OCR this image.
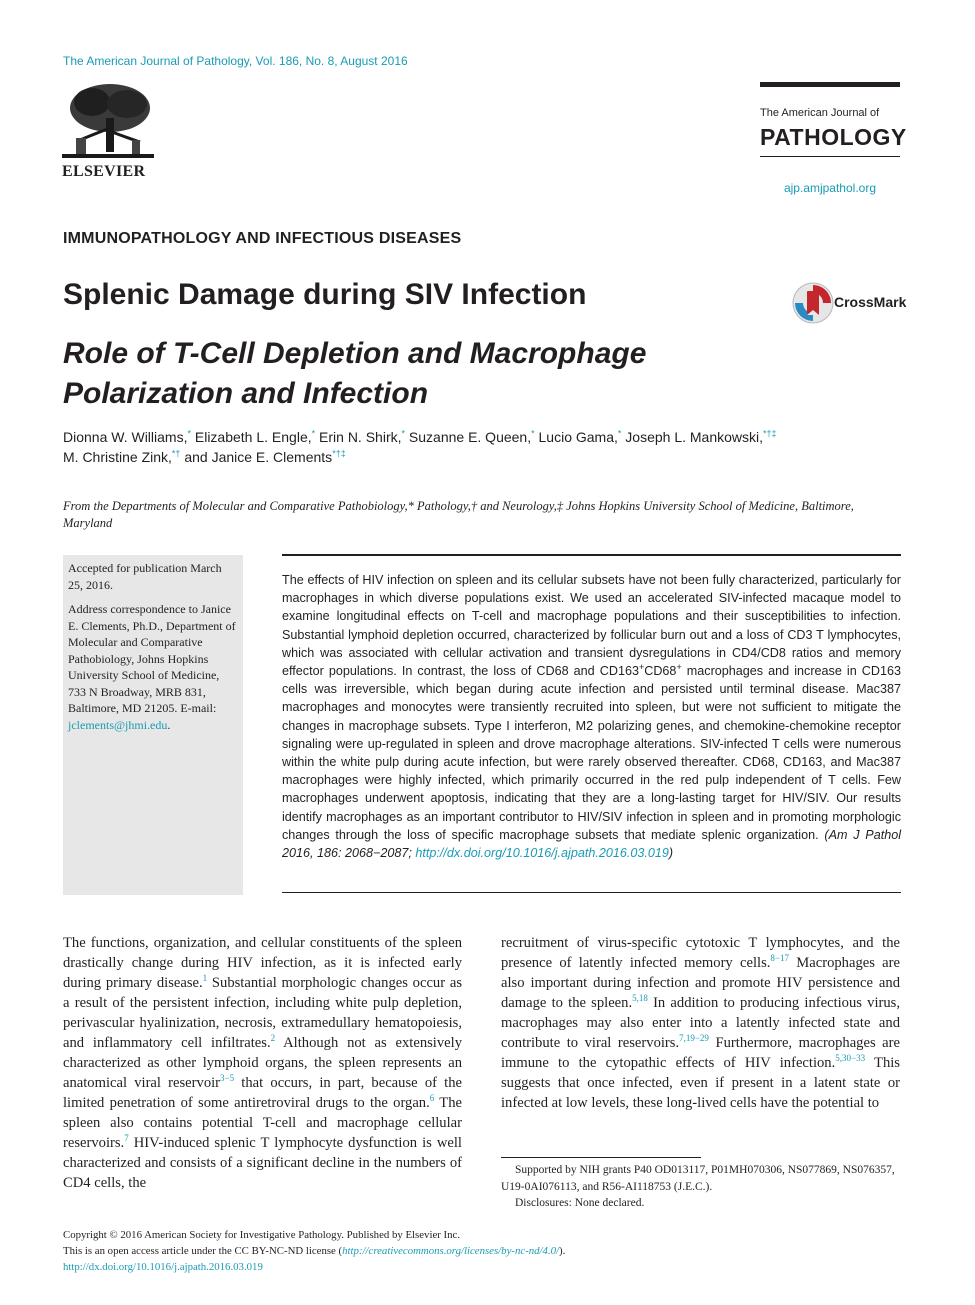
The American Journal of Pathology, Vol. 186, No. 8, August 2016
ELSEVIER
The American Journal of
PATHOLOGY
ajp.amjpathol.org
IMMUNOPATHOLOGY AND INFECTIOUS DISEASES
Splenic Damage during SIV Infection
Role of T-Cell Depletion and Macrophage Polarization and Infection
CrossMark
Dionna W. Williams,* Elizabeth L. Engle,* Erin N. Shirk,* Suzanne E. Queen,* Lucio Gama,* Joseph L. Mankowski,*†‡
M. Christine Zink,*† and Janice E. Clements*†‡
From the Departments of Molecular and Comparative Pathobiology,* Pathology,† and Neurology,‡ Johns Hopkins University School of Medicine, Baltimore, Maryland

Accepted for publication March 25, 2016.

Address correspondence to Janice E. Clements, Ph.D., Department of Molecular and Comparative Pathobiology, Johns Hopkins University School of Medicine, 733 N Broadway, MRB 831, Baltimore, MD 21205. E-mail: jclements@jhmi.edu.

The effects of HIV infection on spleen and its cellular subsets have not been fully characterized, particularly for macrophages in which diverse populations exist. We used an accelerated SIV-infected macaque model to examine longitudinal effects on T-cell and macrophage populations and their susceptibilities to infection. Substantial lymphoid depletion occurred, characterized by follicular burn out and a loss of CD3 T lymphocytes, which was associated with cellular activation and transient dysregulations in CD4/CD8 ratios and memory effector populations. In contrast, the loss of CD68 and CD163+CD68+ macrophages and increase in CD163 cells was irreversible, which began during acute infection and persisted until terminal disease. Mac387 macrophages and monocytes were transiently recruited into spleen, but were not sufficient to mitigate the changes in macrophage subsets. Type I interferon, M2 polarizing genes, and chemokine-chemokine receptor signaling were up-regulated in spleen and drove macrophage alterations. SIV-infected T cells were numerous within the white pulp during acute infection, but were rarely observed thereafter. CD68, CD163, and Mac387 macrophages were highly infected, which primarily occurred in the red pulp independent of T cells. Few macrophages underwent apoptosis, indicating that they are a long-lasting target for HIV/SIV. Our results identify macrophages as an important contributor to HIV/SIV infection in spleen and in promoting morphologic changes through the loss of specific macrophage subsets that mediate splenic organization. (Am J Pathol 2016, 186: 2068−2087; http://dx.doi.org/10.1016/j.ajpath.2016.03.019)
The functions, organization, and cellular constituents of the spleen drastically change during HIV infection, as it is infected early during primary disease.$^1$ Substantial morphologic changes occur as a result of the persistent infection, including white pulp depletion, perivascular hyalinization, necrosis, extramedullary hematopoiesis, and inflammatory cell infiltrates.$^2$ Although not as extensively characterized as other lymphoid organs, the spleen represents an anatomical viral reservoir$^{3-5}$ that occurs, in part, because of the limited penetration of some antiretroviral drugs to the organ.$^6$ The spleen also contains potential T-cell and macrophage cellular reservoirs.$^7$ HIV-induced splenic T lymphocyte dysfunction is well characterized and consists of a significant decline in the numbers of CD4 cells, the
recruitment of virus-specific cytotoxic T lymphocytes, and the presence of latently infected memory cells.$^{8-17}$ Macrophages are also important during infection and promote HIV persistence and damage to the spleen.$^{5,18}$ In addition to producing infectious virus, macrophages may also enter into a latently infected state and contribute to viral reservoirs.$^{7,19-29}$ Furthermore, macrophages are immune to the cytopathic effects of HIV infection.$^{5,30-33}$ This suggests that once infected, even if present in a latent state or infected at low levels, these long-lived cells have the potential to

Supported by NIH grants P40 OD013117, P01MH070306, NS077869, NS076357, U19-0AI076113, and R56-AI118753 (J.E.C.).

Disclosures: None declared.

Copyright © 2016 American Society for Investigative Pathology. Published by Elsevier Inc.

This is an open access article under the CC BY-NC-ND license (http://creativecommons.org/licenses/by-nc-nd/4.0/).

http://dx.doi.org/10.1016/j.ajpath.2016.03.019
